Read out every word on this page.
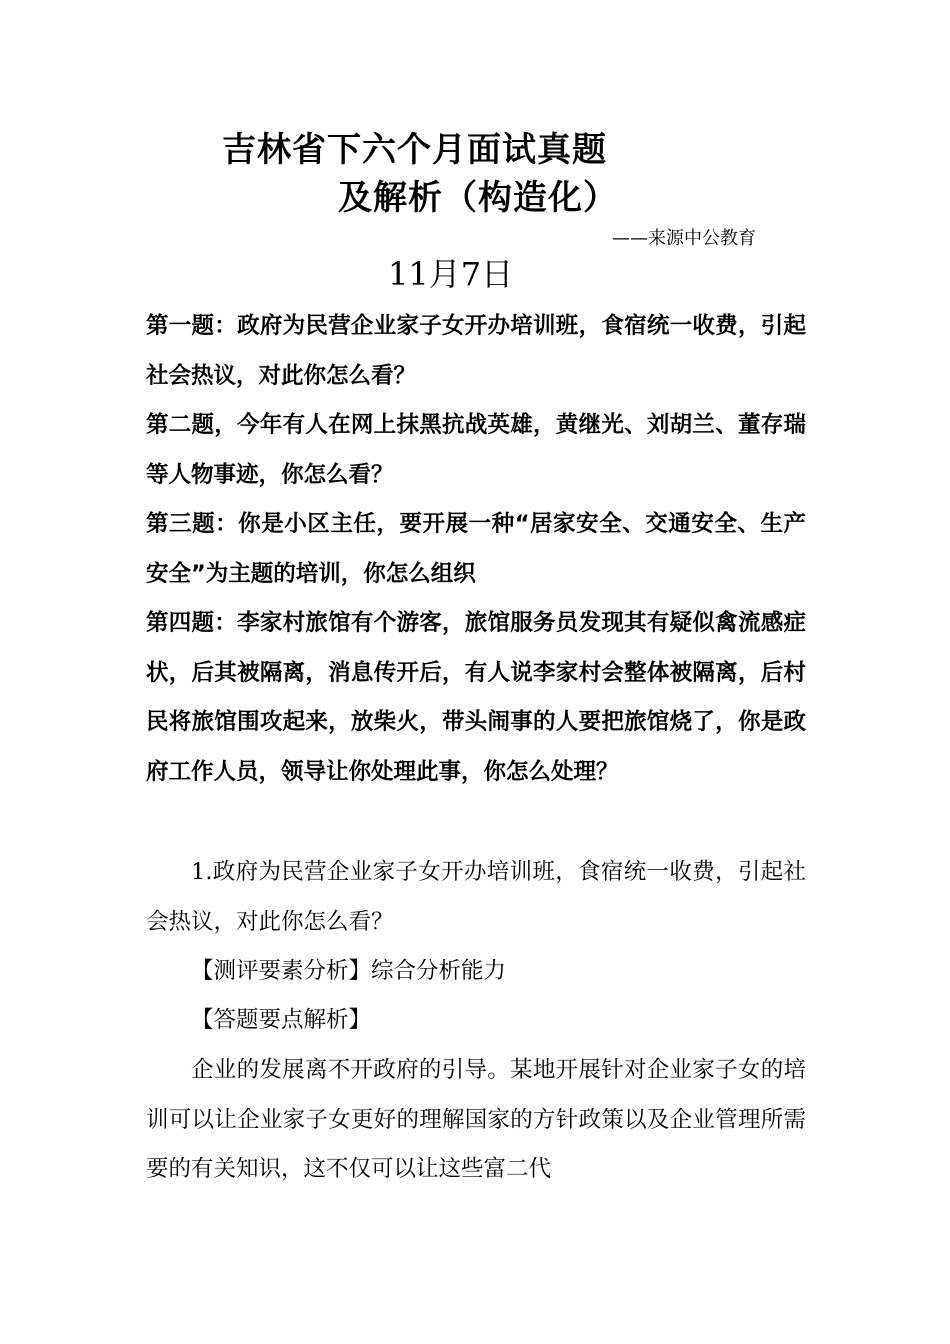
吉林省下六个月面试真题
及解析（构造化）
——来源中公教育
11月7日
第一题：政府为民营企业家子女开办培训班，食宿统一收费，引起社会热议，对此你怎么看？
第二题，今年有人在网上抹黑抗战英雄，黄继光、刘胡兰、董存瑞等人物事迹，你怎么看？
第三题：你是小区主任，要开展一种“居家安全、交通安全、生产安全”为主题的培训，你怎么组织
第四题：李家村旅馆有个游客，旅馆服务员发现其有疑似禽流感症状，后其被隔离，消息传开后，有人说李家村会整体被隔离，后村民将旅馆围攻起来，放柴火，带头闹事的人要把旅馆烧了，你是政府工作人员，领导让你处理此事，你怎么处理？
1.政府为民营企业家子女开办培训班，食宿统一收费，引起社会热议，对此你怎么看？
【测评要素分析】综合分析能力
【答题要点解析】
企业的发展离不开政府的引导。某地开展针对企业家子女的培训可以让企业家子女更好的理解国家的方针政策以及企业管理所需要的有关知识，这不仅可以让这些富二代
